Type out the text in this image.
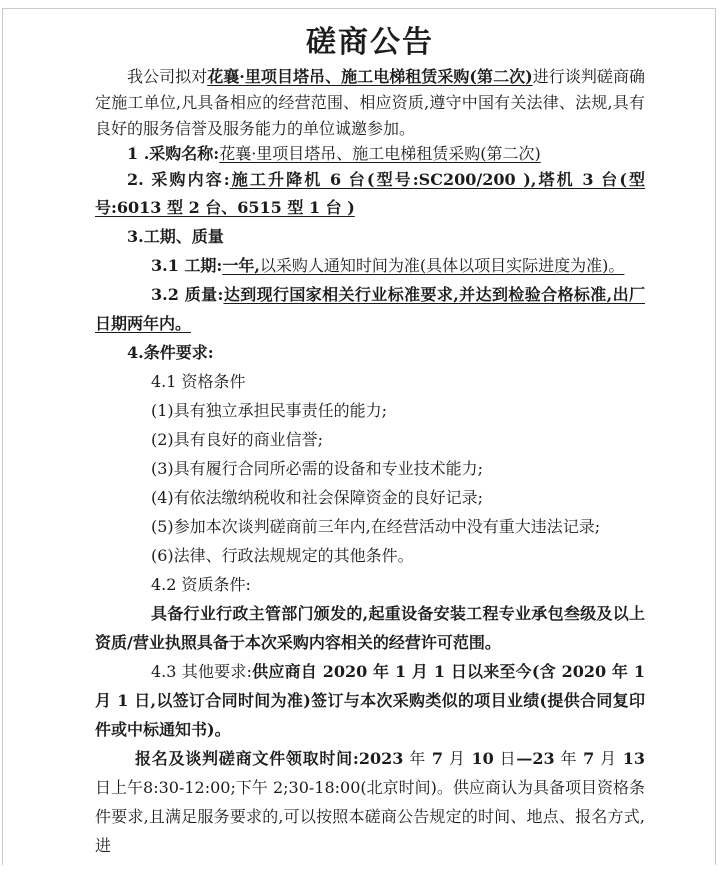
磋商公告

我公司拟对花襄·里项目塔吊、施工电梯租赁采购(第二次)进行谈判磋商确定施工单位,凡具备相应的经营范围、相应资质,遵守中国有关法律、法规,具有良好的服务信誉及服务能力的单位诚邀参加。

1 .采购名称:花襄·里项目塔吊、施工电梯租赁采购(第二次)

2. 采购内容:施工升降机 6 台(型号:SC200/200 ),塔机 3 台(型号:6013 型 2 台、6515 型 1 台 )

3.工期、质量

3.1 工期:一年,以采购人通知时间为准(具体以项目实际进度为准)。

3.2 质量:达到现行国家相关行业标准要求,并达到检验合格标准,出厂日期两年内。

4.条件要求:

4.1 资格条件

(1)具有独立承担民事责任的能力;

(2)具有良好的商业信誉;

(3)具有履行合同所必需的设备和专业技术能力;

(4)有依法缴纳税收和社会保障资金的良好记录;

(5)参加本次谈判磋商前三年内,在经营活动中没有重大违法记录;

(6)法律、行政法规规定的其他条件。

4.2 资质条件:

具备行业行政主管部门颁发的,起重设备安装工程专业承包叁级及以上资质/营业执照具备于本次采购内容相关的经营许可范围。

4.3 其他要求:供应商自 2020 年 1 月 1 日以来至今(含 2020 年 1 月 1 日,以签订合同时间为准)签订与本次采购类似的项目业绩(提供合同复印件或中标通知书)。

报名及谈判磋商文件领取时间:2023 年 7 月 10 日—23 年 7 月 13 日上午8:30-12:00;下午 2;30-18:00(北京时间)。供应商认为具备项目资格条件要求,且满足服务要求的,可以按照本磋商公告规定的时间、地点、报名方式,进
